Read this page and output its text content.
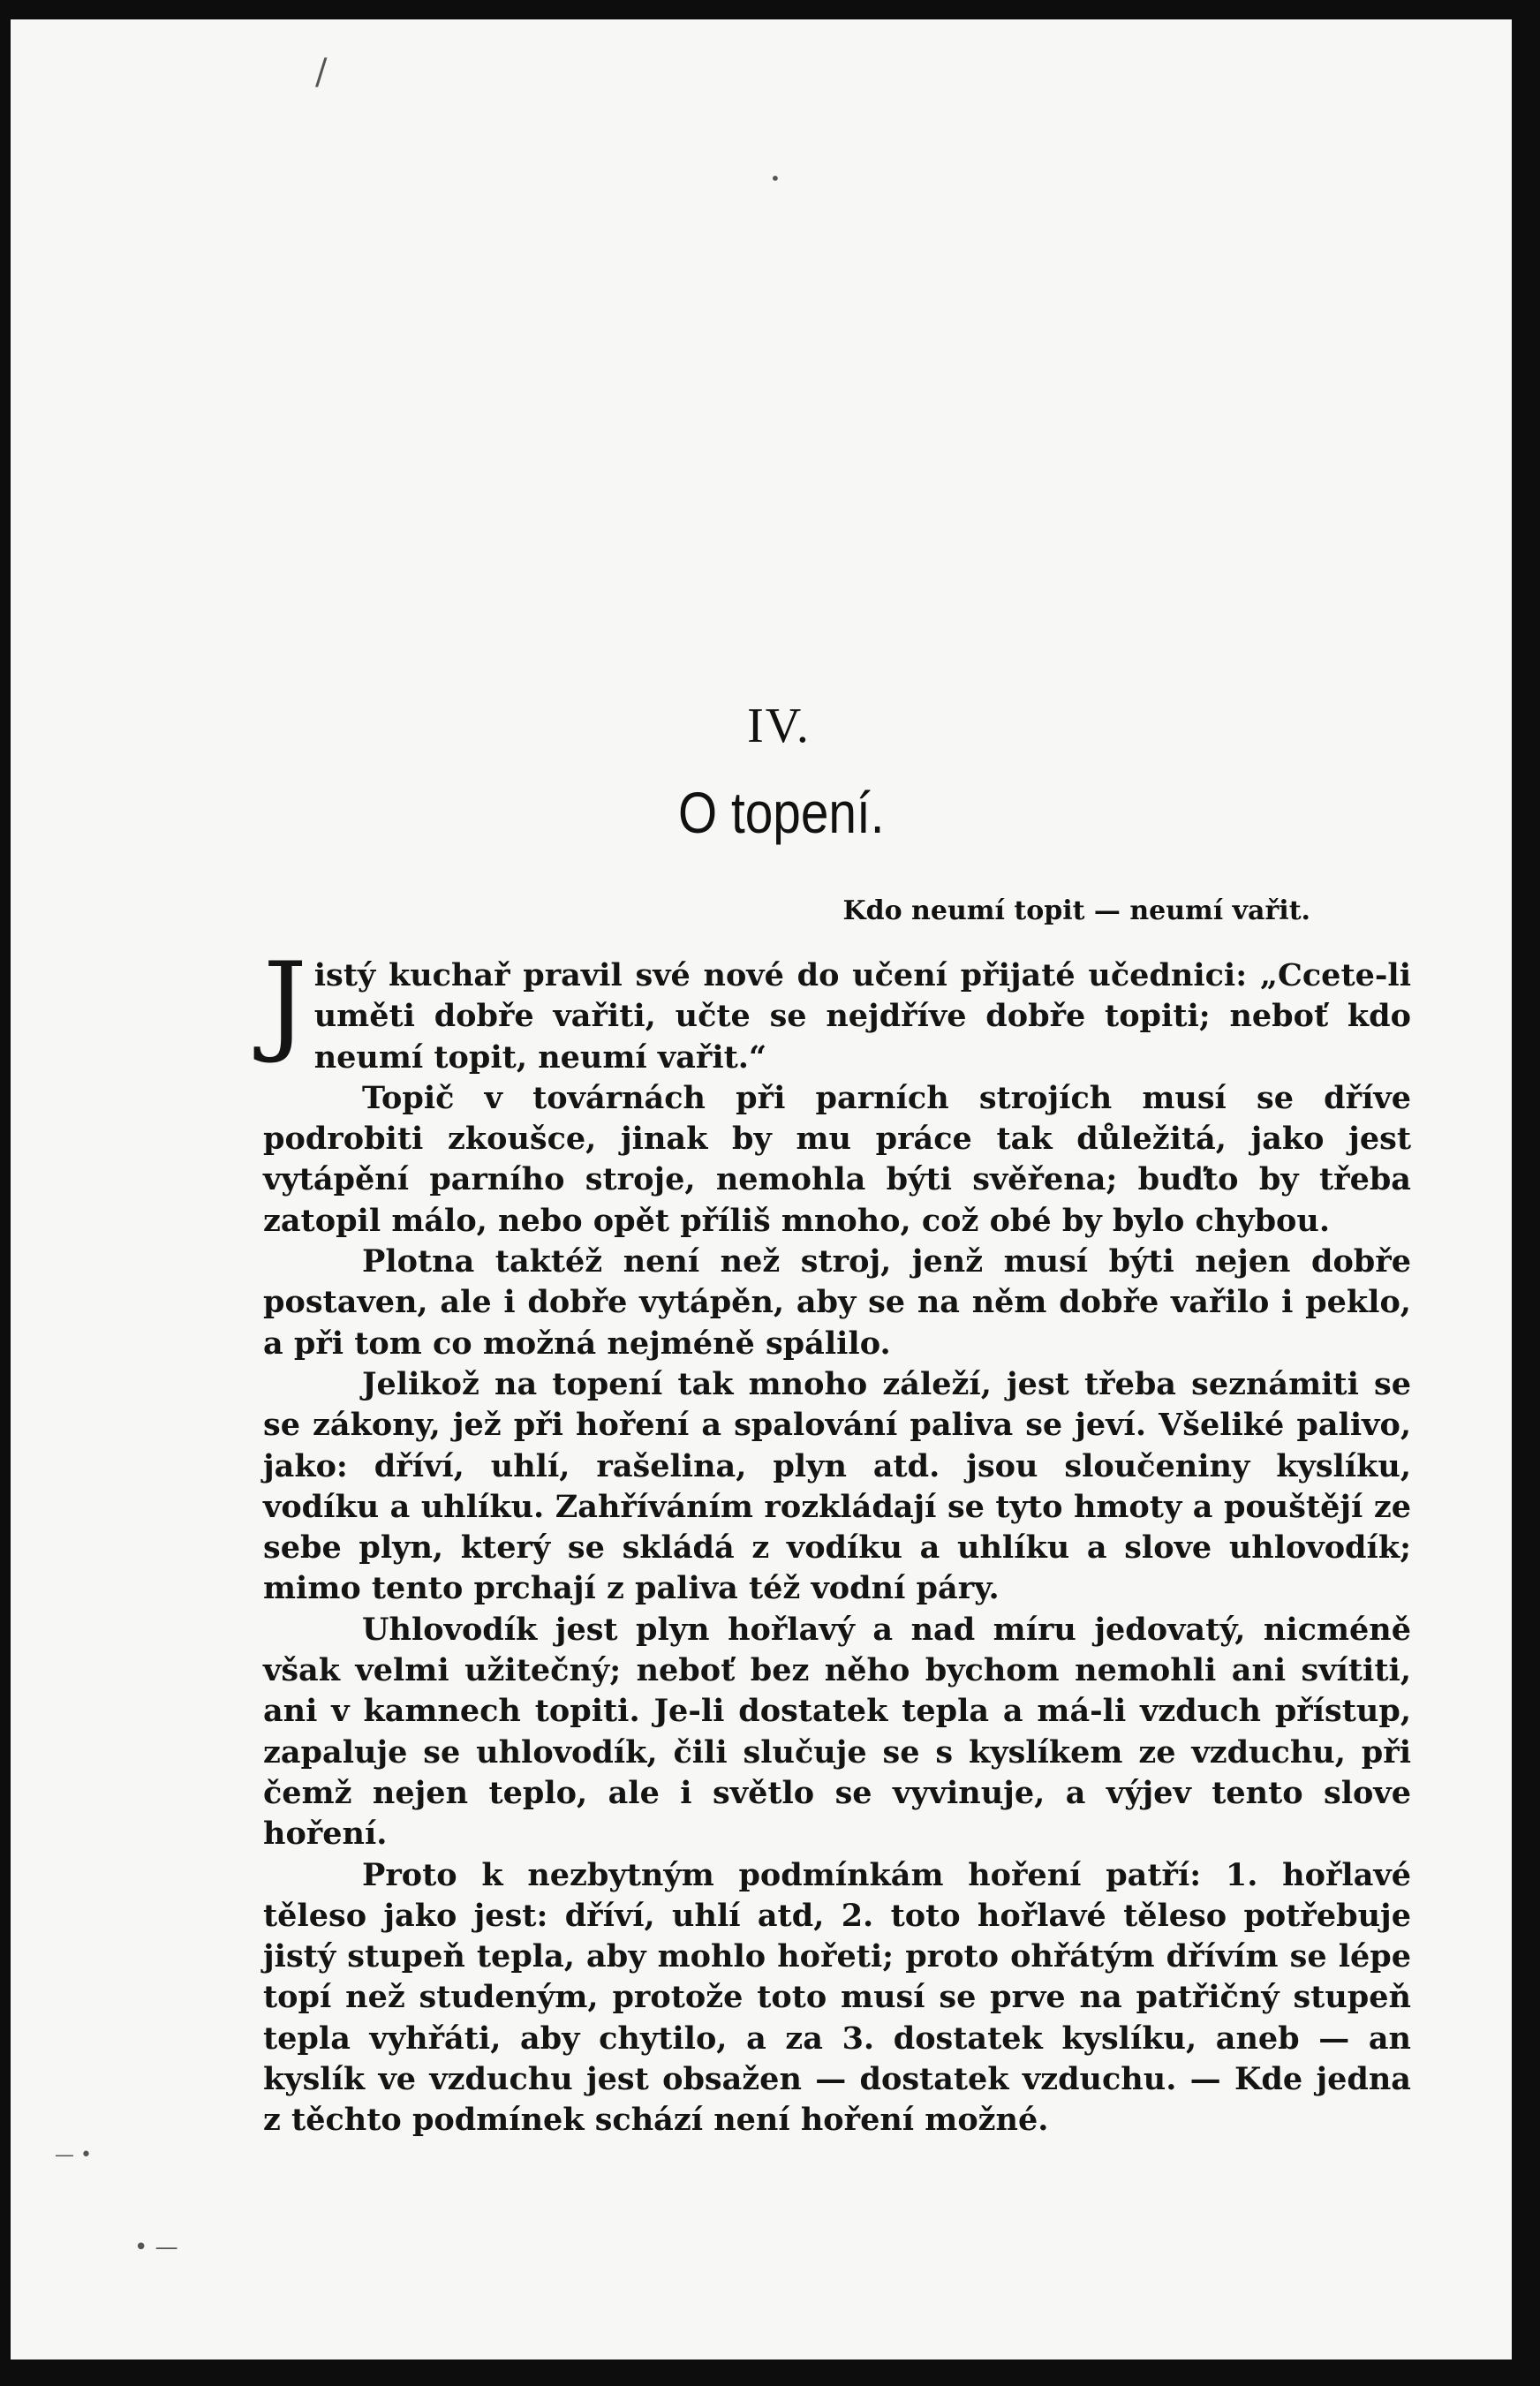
/
•
— •
• —
IV.
O topení.
Kdo neumí topit — neumí vařit.

Jistý kuchař pravil své nové do učení přijaté učednici: „Ccete-li uměti dobře vařiti, učte se nejdříve dobře topiti; neboť kdo neumí topit, neumí vařit.“

Topič v továrnách při parních strojích musí se dříve podrobiti zkoušce, jinak by mu práce tak důležitá, jako jest vytápění parního stroje, nemohla býti svěřena; buďto by třeba zatopil málo, nebo opět příliš mnoho, což obé by bylo chybou.

Plotna taktéž není než stroj, jenž musí býti nejen dobře postaven, ale i dobře vytápěn, aby se na něm dobře vařilo i peklo, a při tom co možná nejméně spálilo.

Jelikož na topení tak mnoho záleží, jest třeba seznámiti se se zákony, jež při hoření a spalování paliva se jeví. Všeliké palivo, jako: dříví, uhlí, rašelina, plyn atd. jsou sloučeniny kyslíku, vodíku a uhlíku. Zahříváním rozkládají se tyto hmoty a pouštějí ze sebe plyn, který se skládá z vodíku a uhlíku a slove uhlovodík; mimo tento prchají z paliva též vodní páry.

Uhlovodík jest plyn hořlavý a nad míru jedovatý, nicméně však velmi užitečný; neboť bez něho bychom nemohli ani svítiti, ani v kamnech topiti. Je-li dostatek tepla a má-li vzduch přístup, zapaluje se uhlovodík, čili slučuje se s kyslíkem ze vzduchu, při čemž nejen teplo, ale i světlo se vyvinuje, a výjev tento slove hoření.

Proto k nezbytným podmínkám hoření patří: 1. hořlavé těleso jako jest: dříví, uhlí atd, 2. toto hořlavé těleso potřebuje jistý stupeň tepla, aby mohlo hořeti; proto ohřátým dřívím se lépe topí než studeným, protože toto musí se prve na patřičný stupeň tepla vyhřáti, aby chytilo, a za 3. dostatek kyslíku, aneb — an kyslík ve vzduchu jest obsažen — dostatek vzduchu. — Kde jedna z těchto podmínek schází není hoření možné.
